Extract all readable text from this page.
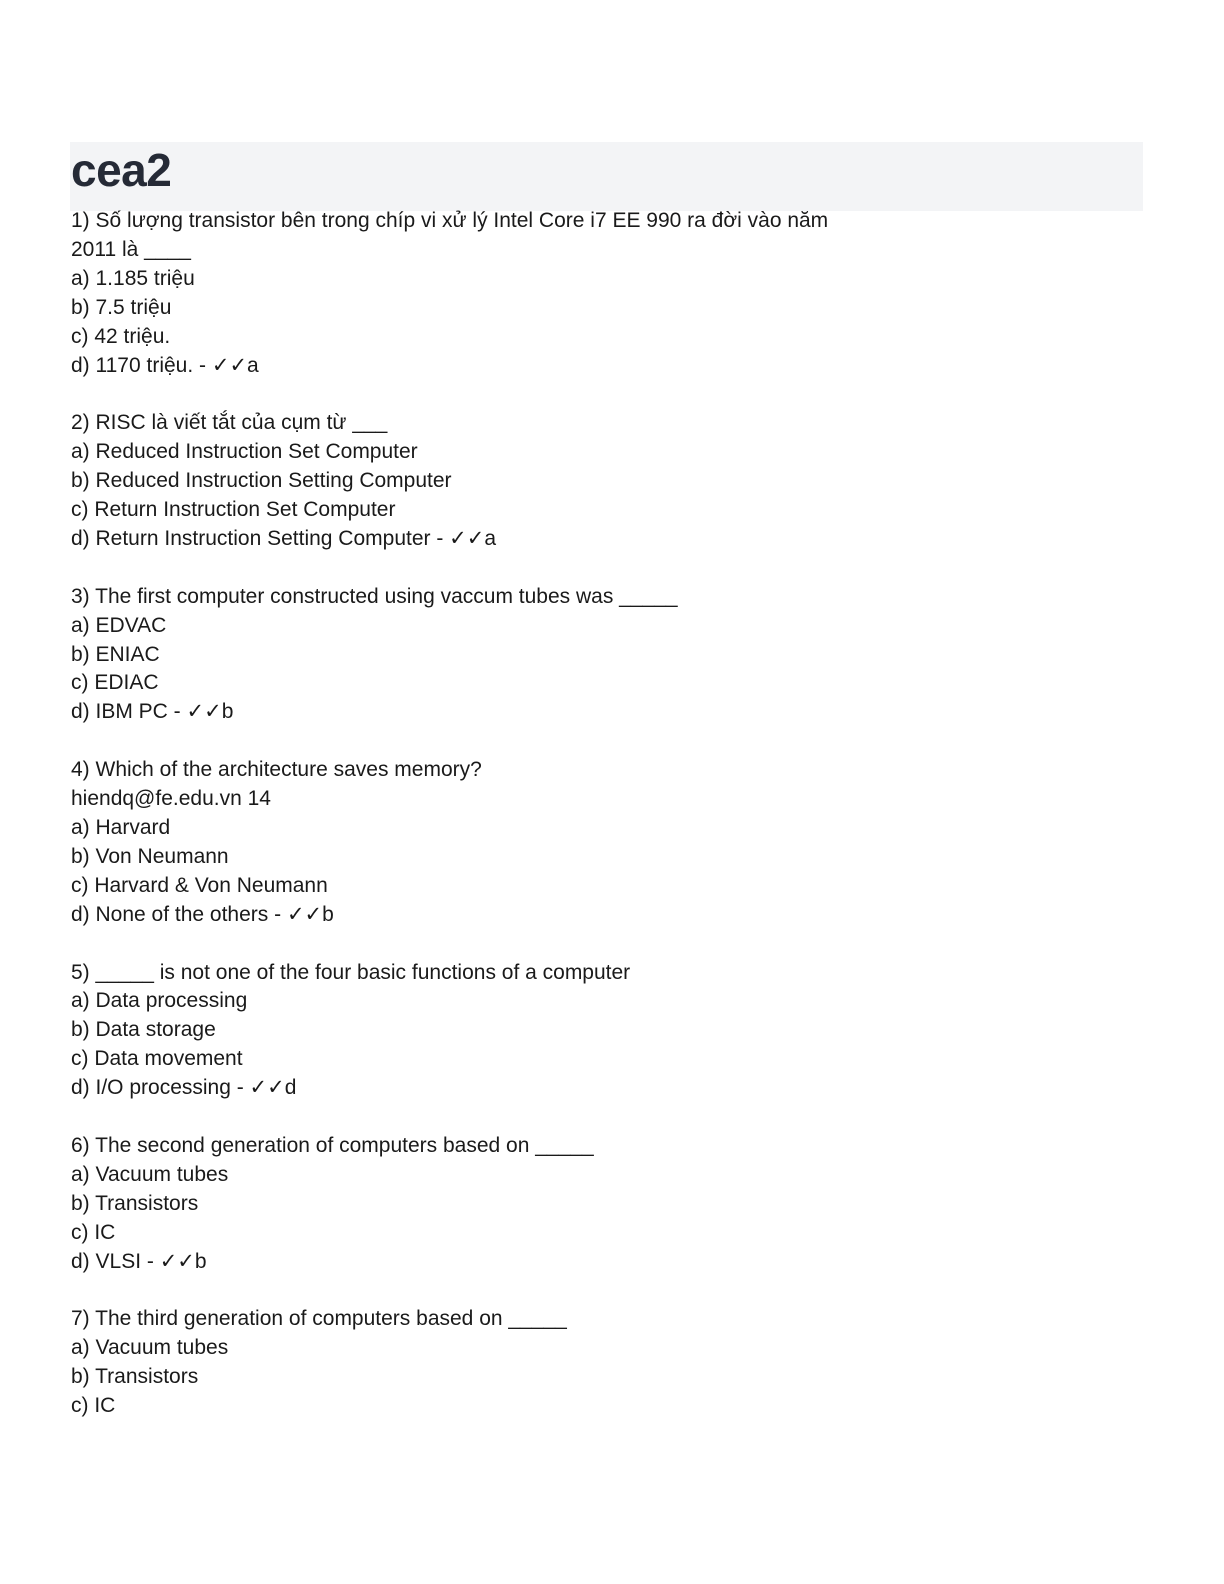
cea2
1) Số lượng transistor bên trong chíp vi xử lý Intel Core i7 EE 990 ra đời vào năm 2011 là ____
a) 1.185 triệu
b) 7.5 triệu
c) 42 triệu.
d) 1170 triệu. - ✓✓a
2) RISC là viết tắt của cụm từ ___
a) Reduced Instruction Set Computer
b) Reduced Instruction Setting Computer
c) Return Instruction Set Computer
d) Return Instruction Setting Computer - ✓✓a
3) The first computer constructed using vaccum tubes was _____
a) EDVAC
b) ENIAC
c) EDIAC
d) IBM PC - ✓✓b
4) Which of the architecture saves memory?
hiendq@fe.edu.vn 14
a) Harvard
b) Von Neumann
c) Harvard & Von Neumann
d) None of the others - ✓✓b
5) _____ is not one of the four basic functions of a computer
a) Data processing
b) Data storage
c) Data movement
d) I/O processing - ✓✓d
6) The second generation of computers based on _____
a) Vacuum tubes
b) Transistors
c) IC
d) VLSI - ✓✓b
7) The third generation of computers based on _____
a) Vacuum tubes
b) Transistors
c) IC
